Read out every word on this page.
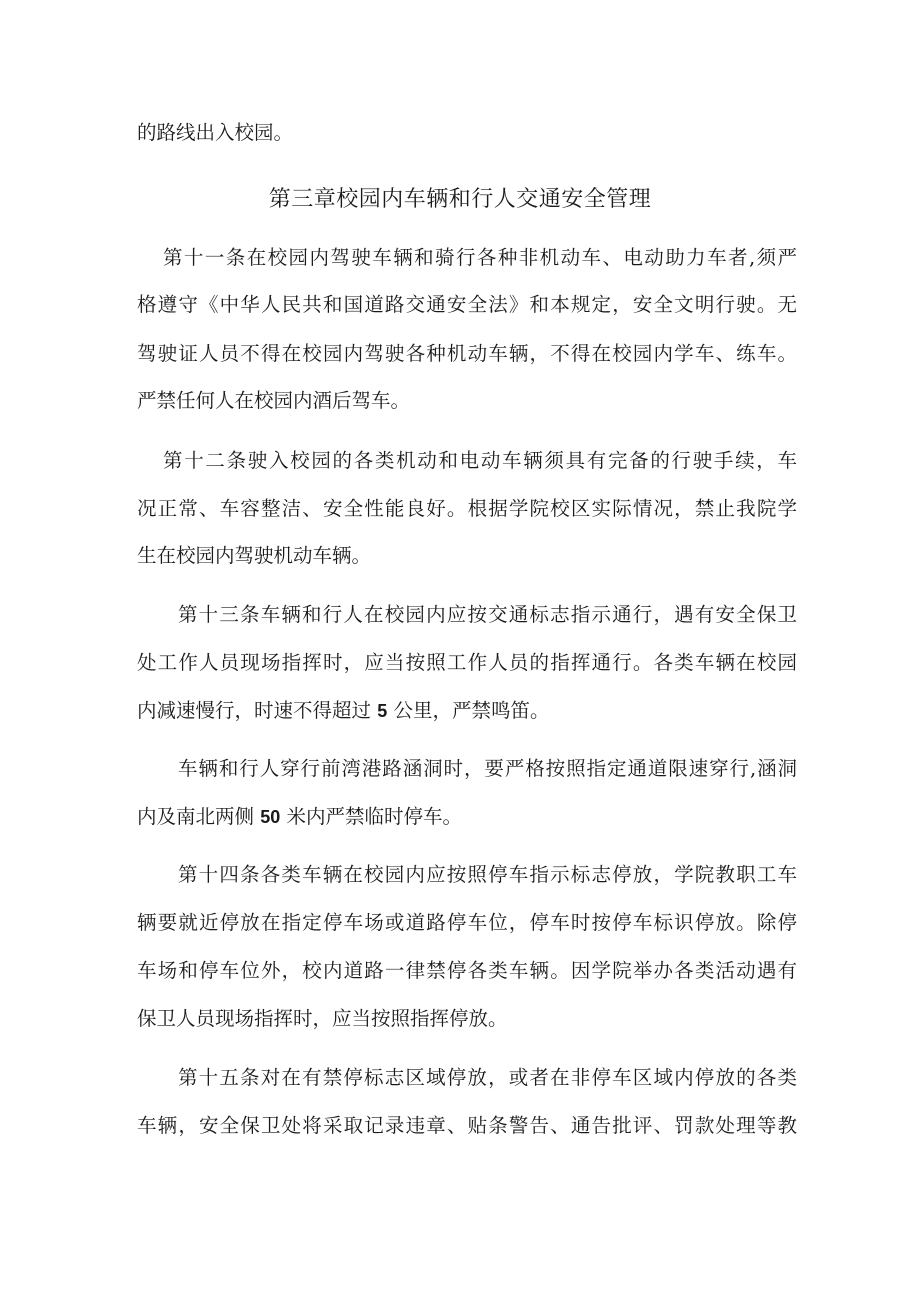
的路线出入校园。
第三章校园内车辆和行人交通安全管理
第十一条在校园内驾驶车辆和骑行各种非机动车、电动助力车者,须严
格遵守《中华人民共和国道路交通安全法》和本规定，安全文明行驶。无
驾驶证人员不得在校园内驾驶各种机动车辆，不得在校园内学车、练车。
严禁任何人在校园内酒后驾车。
第十二条驶入校园的各类机动和电动车辆须具有完备的行驶手续，车
况正常、车容整洁、安全性能良好。根据学院校区实际情况，禁止我院学
生在校园内驾驶机动车辆。
第十三条车辆和行人在校园内应按交通标志指示通行，遇有安全保卫
处工作人员现场指挥时，应当按照工作人员的指挥通行。各类车辆在校园
内减速慢行，时速不得超过 5 公里，严禁鸣笛。
车辆和行人穿行前湾港路涵洞时，要严格按照指定通道限速穿行,涵洞
内及南北两侧 50 米内严禁临时停车。
第十四条各类车辆在校园内应按照停车指示标志停放，学院教职工车
辆要就近停放在指定停车场或道路停车位，停车时按停车标识停放。除停
车场和停车位外，校内道路一律禁停各类车辆。因学院举办各类活动遇有
保卫人员现场指挥时，应当按照指挥停放。
第十五条对在有禁停标志区域停放，或者在非停车区域内停放的各类
车辆，安全保卫处将采取记录违章、贴条警告、通告批评、罚款处理等教
